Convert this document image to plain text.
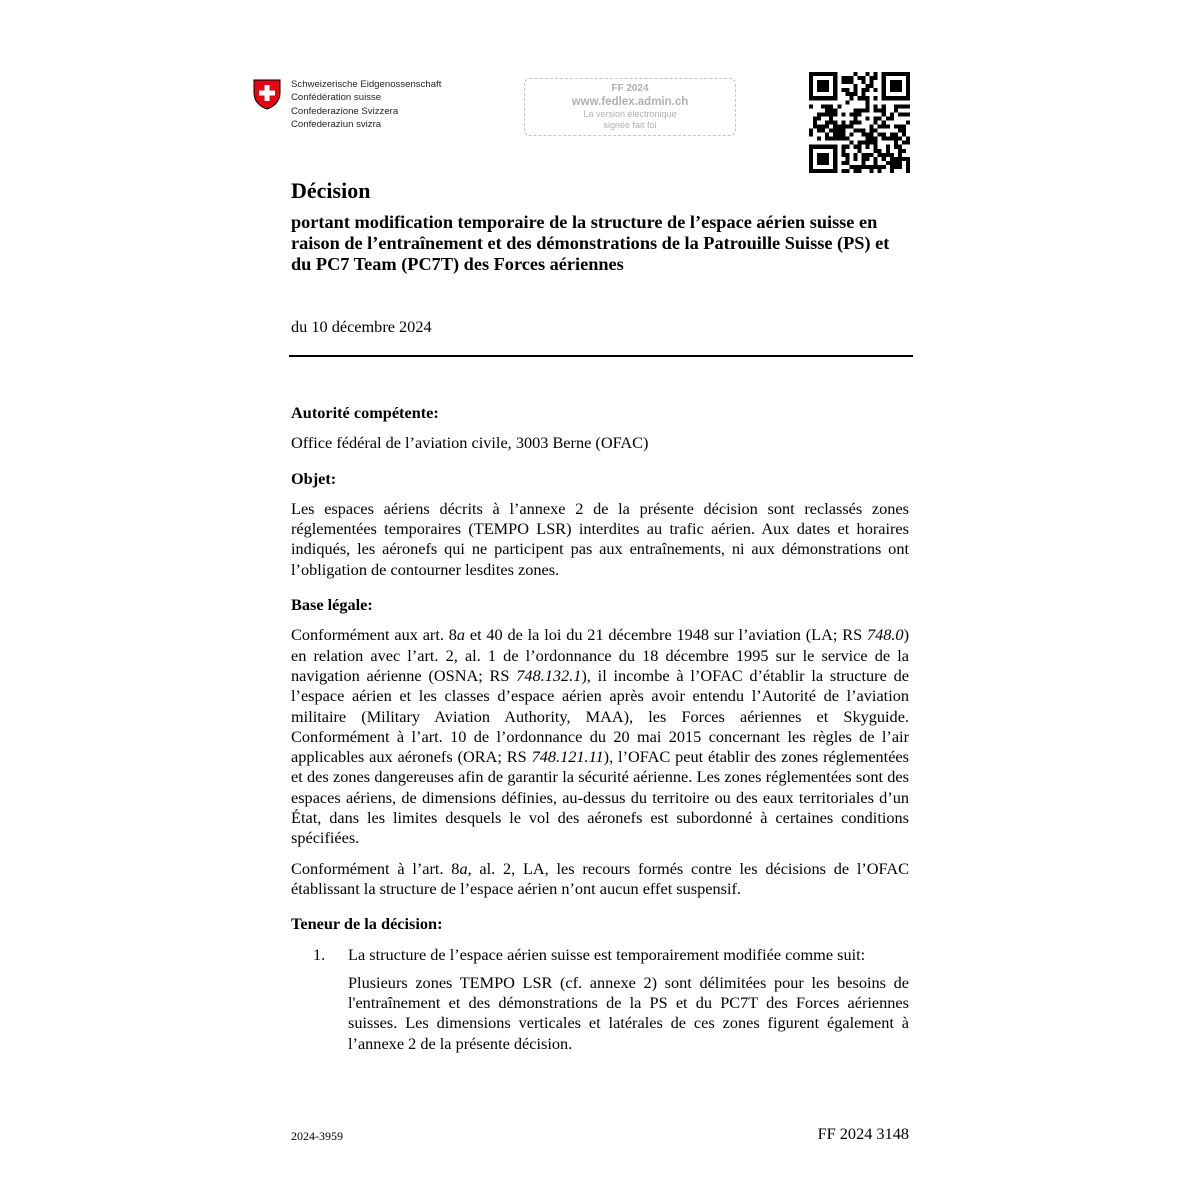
Schweizerische Eidgenossenschaft
Confédération suisse
Confederazione Svizzera
Confederaziun svizra
FF 2024
www.fedlex.admin.ch
La version électronique
signée fait foi
Décision
portant modification temporaire de la structure de l’espace aérien suisse en raison de l’entraînement et des démonstrations de la Patrouille Suisse (PS) et du PC7 Team (PC7T) des Forces aériennes
du 10 décembre 2024
Autorité compétente:
Office fédéral de l’aviation civile, 3003 Berne (OFAC)
Objet:
Les espaces aériens décrits à l’annexe 2 de la présente décision sont reclassés zones réglementées temporaires (TEMPO LSR) interdites au trafic aérien. Aux dates et horaires indiqués, les aéronefs qui ne participent pas aux entraînements, ni aux démonstrations ont l’obligation de contourner lesdites zones.
Base légale:
Conformément aux art. 8a et 40 de la loi du 21 décembre 1948 sur l’aviation (LA; RS 748.0) en relation avec l’art. 2, al. 1 de l’ordonnance du 18 décembre 1995 sur le service de la navigation aérienne (OSNA; RS 748.132.1), il incombe à l’OFAC d’établir la structure de l’espace aérien et les classes d’espace aérien après avoir entendu l’Autorité de l’aviation militaire (Military Aviation Authority, MAA), les Forces aériennes et Skyguide. Conformément à l’art. 10 de l’ordonnance du 20 mai 2015 concernant les règles de l’air applicables aux aéronefs (ORA; RS 748.121.11), l’OFAC peut établir des zones réglementées et des zones dangereuses afin de garantir la sécurité aérienne. Les zones réglementées sont des espaces aériens, de dimensions définies, au-dessus du territoire ou des eaux territoriales d’un État, dans les limites desquels le vol des aéronefs est subordonné à certaines conditions spécifiées.
Conformément à l’art. 8a, al. 2, LA, les recours formés contre les décisions de l’OFAC établissant la structure de l’espace aérien n’ont aucun effet suspensif.
Teneur de la décision:
1.	La structure de l’espace aérien suisse est temporairement modifiée comme suit:
Plusieurs zones TEMPO LSR (cf. annexe 2) sont délimitées pour les besoins de l'entraînement et des démonstrations de la PS et du PC7T des Forces aériennes suisses. Les dimensions verticales et latérales de ces zones figurent également à l’annexe 2 de la présente décision.
2024-3959	FF 2024 3148
